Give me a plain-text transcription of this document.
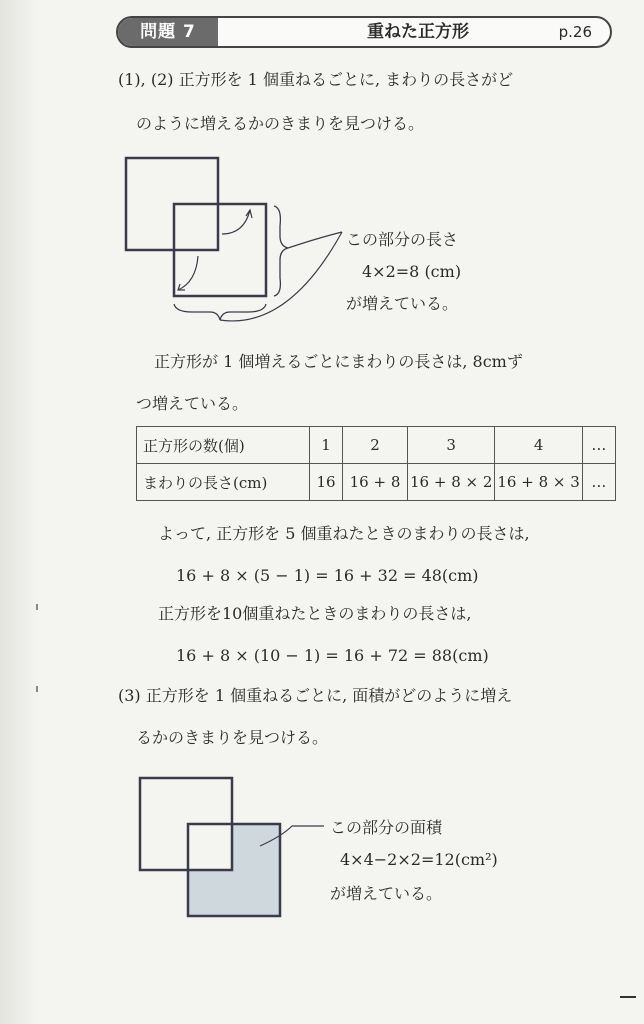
問題 7	重ねた正方形	p.26
(1), (2) 正方形を 1 個重ねるごとに, まわりの長さがど
のように増えるかのきまりを見つける。
この部分の長さ
4×2=8 (cm)
が増えている。
正方形が 1 個増えるごとにまわりの長さは, 8cmず
つ増えている。
正方形の数(個)	1	2	3	4	…
まわりの長さ(cm)	16	16 + 8	16 + 8 × 2	16 + 8 × 3	…
よって, 正方形を 5 個重ねたときのまわりの長さは,
16 + 8 × (5 − 1) = 16 + 32 = 48(cm)
正方形を10個重ねたときのまわりの長さは,
16 + 8 × (10 − 1) = 16 + 72 = 88(cm)
(3) 正方形を 1 個重ねるごとに, 面積がどのように増え
るかのきまりを見つける。
この部分の面積
4×4−2×2=12(cm²)
が増えている。
